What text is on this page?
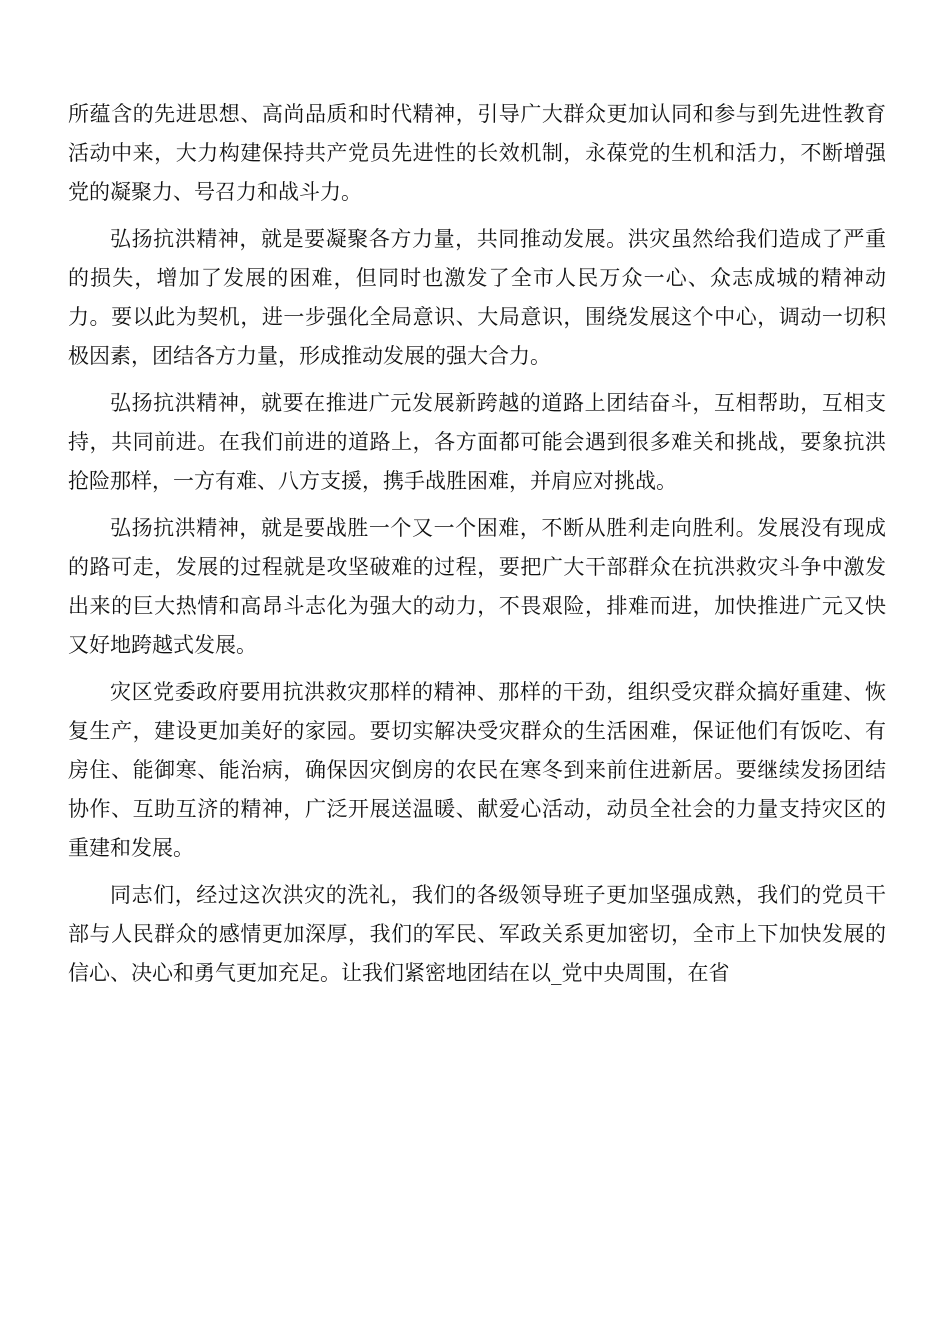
所蕴含的先进思想、高尚品质和时代精神，引导广大群众更加认同和参与到先进性教育活动中来，大力构建保持共产党员先进性的长效机制，永葆党的生机和活力，不断增强党的凝聚力、号召力和战斗力。

弘扬抗洪精神，就是要凝聚各方力量，共同推动发展。洪灾虽然给我们造成了严重的损失，增加了发展的困难，但同时也激发了全市人民万众一心、众志成城的精神动力。要以此为契机，进一步强化全局意识、大局意识，围绕发展这个中心，调动一切积极因素，团结各方力量，形成推动发展的强大合力。

弘扬抗洪精神，就要在推进广元发展新跨越的道路上团结奋斗，互相帮助，互相支持，共同前进。在我们前进的道路上，各方面都可能会遇到很多难关和挑战，要象抗洪抢险那样，一方有难、八方支援，携手战胜困难，并肩应对挑战。

弘扬抗洪精神，就是要战胜一个又一个困难，不断从胜利走向胜利。发展没有现成的路可走，发展的过程就是攻坚破难的过程，要把广大干部群众在抗洪救灾斗争中激发出来的巨大热情和高昂斗志化为强大的动力，不畏艰险，排难而进，加快推进广元又快又好地跨越式发展。

灾区党委政府要用抗洪救灾那样的精神、那样的干劲，组织受灾群众搞好重建、恢复生产，建设更加美好的家园。要切实解决受灾群众的生活困难，保证他们有饭吃、有房住、能御寒、能治病，确保因灾倒房的农民在寒冬到来前住进新居。要继续发扬团结协作、互助互济的精神，广泛开展送温暖、献爱心活动，动员全社会的力量支持灾区的重建和发展。

同志们，经过这次洪灾的洗礼，我们的各级领导班子更加坚强成熟，我们的党员干部与人民群众的感情更加深厚，我们的军民、军政关系更加密切，全市上下加快发展的信心、决心和勇气更加充足。让我们紧密地团结在以_党中央周围，在省
